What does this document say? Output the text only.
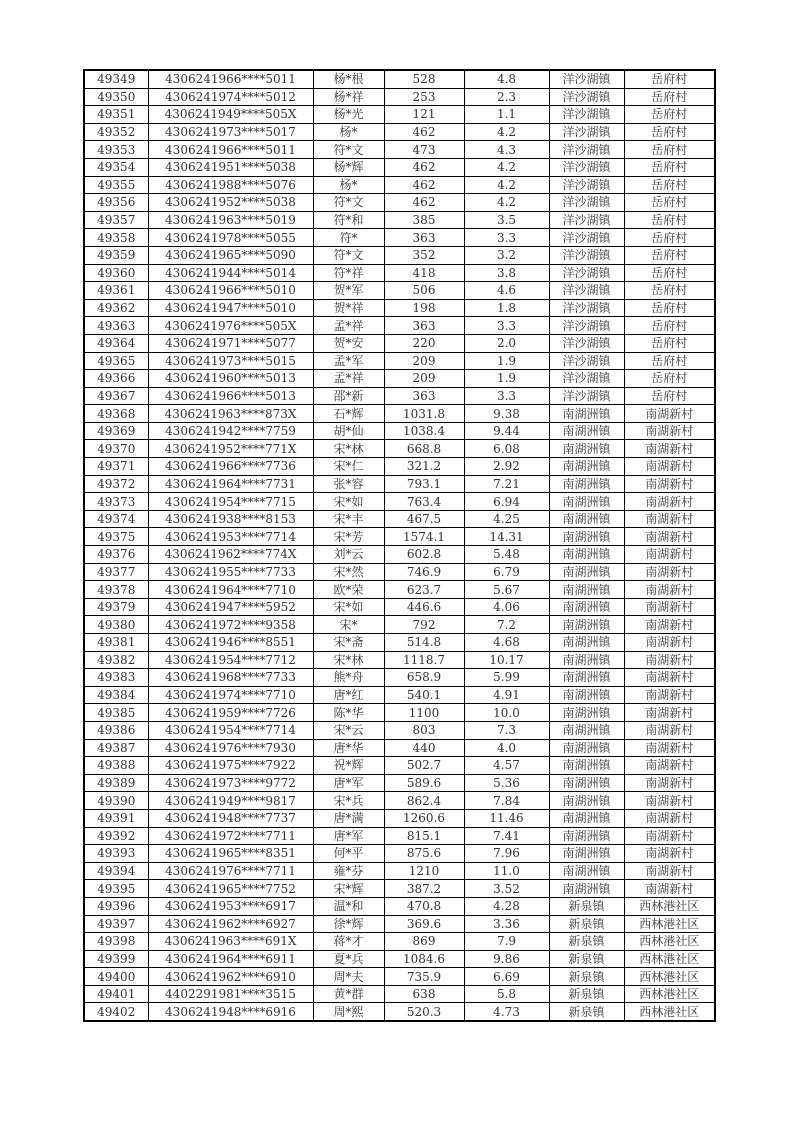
49349	4306241966****5011	杨*根	528	4.8	洋沙湖镇	岳府村
49350	4306241974****5012	杨*祥	253	2.3	洋沙湖镇	岳府村
49351	4306241949****505X	杨*光	121	1.1	洋沙湖镇	岳府村
49352	4306241973****5017	杨*	462	4.2	洋沙湖镇	岳府村
49353	4306241966****5011	符*文	473	4.3	洋沙湖镇	岳府村
49354	4306241951****5038	杨*辉	462	4.2	洋沙湖镇	岳府村
49355	4306241988****5076	杨*	462	4.2	洋沙湖镇	岳府村
49356	4306241952****5038	符*文	462	4.2	洋沙湖镇	岳府村
49357	4306241963****5019	符*和	385	3.5	洋沙湖镇	岳府村
49358	4306241978****5055	符*	363	3.3	洋沙湖镇	岳府村
49359	4306241965****5090	符*文	352	3.2	洋沙湖镇	岳府村
49360	4306241944****5014	符*祥	418	3.8	洋沙湖镇	岳府村
49361	4306241966****5010	贺*军	506	4.6	洋沙湖镇	岳府村
49362	4306241947****5010	贺*祥	198	1.8	洋沙湖镇	岳府村
49363	4306241976****505X	孟*祥	363	3.3	洋沙湖镇	岳府村
49364	4306241971****5077	贺*安	220	2.0	洋沙湖镇	岳府村
49365	4306241973****5015	孟*军	209	1.9	洋沙湖镇	岳府村
49366	4306241960****5013	孟*祥	209	1.9	洋沙湖镇	岳府村
49367	4306241966****5013	邵*新	363	3.3	洋沙湖镇	岳府村
49368	4306241963****873X	石*辉	1031.8	9.38	南湖洲镇	南湖新村
49369	4306241942****7759	胡*仙	1038.4	9.44	南湖洲镇	南湖新村
49370	4306241952****771X	宋*林	668.8	6.08	南湖洲镇	南湖新村
49371	4306241966****7736	宋*仁	321.2	2.92	南湖洲镇	南湖新村
49372	4306241964****7731	张*容	793.1	7.21	南湖洲镇	南湖新村
49373	4306241954****7715	宋*如	763.4	6.94	南湖洲镇	南湖新村
49374	4306241938****8153	宋*丰	467.5	4.25	南湖洲镇	南湖新村
49375	4306241953****7714	宋*芳	1574.1	14.31	南湖洲镇	南湖新村
49376	4306241962****774X	刘*云	602.8	5.48	南湖洲镇	南湖新村
49377	4306241955****7733	宋*然	746.9	6.79	南湖洲镇	南湖新村
49378	4306241964****7710	欧*荣	623.7	5.67	南湖洲镇	南湖新村
49379	4306241947****5952	宋*如	446.6	4.06	南湖洲镇	南湖新村
49380	4306241972****9358	宋*	792	7.2	南湖洲镇	南湖新村
49381	4306241946****8551	宋*斋	514.8	4.68	南湖洲镇	南湖新村
49382	4306241954****7712	宋*林	1118.7	10.17	南湖洲镇	南湖新村
49383	4306241968****7733	熊*舟	658.9	5.99	南湖洲镇	南湖新村
49384	4306241974****7710	唐*红	540.1	4.91	南湖洲镇	南湖新村
49385	4306241959****7726	陈*华	1100	10.0	南湖洲镇	南湖新村
49386	4306241954****7714	宋*云	803	7.3	南湖洲镇	南湖新村
49387	4306241976****7930	唐*华	440	4.0	南湖洲镇	南湖新村
49388	4306241975****7922	祝*辉	502.7	4.57	南湖洲镇	南湖新村
49389	4306241973****9772	唐*军	589.6	5.36	南湖洲镇	南湖新村
49390	4306241949****9817	宋*兵	862.4	7.84	南湖洲镇	南湖新村
49391	4306241948****7737	唐*满	1260.6	11.46	南湖洲镇	南湖新村
49392	4306241972****7711	唐*军	815.1	7.41	南湖洲镇	南湖新村
49393	4306241965****8351	何*平	875.6	7.96	南湖洲镇	南湖新村
49394	4306241976****7711	雍*芬	1210	11.0	南湖洲镇	南湖新村
49395	4306241965****7752	宋*辉	387.2	3.52	南湖洲镇	南湖新村
49396	4306241953****6917	温*和	470.8	4.28	新泉镇	西林港社区
49397	4306241962****6927	徐*辉	369.6	3.36	新泉镇	西林港社区
49398	4306241963****691X	蒋*才	869	7.9	新泉镇	西林港社区
49399	4306241964****6911	夏*兵	1084.6	9.86	新泉镇	西林港社区
49400	4306241962****6910	周*夫	735.9	6.69	新泉镇	西林港社区
49401	4402291981****3515	黄*群	638	5.8	新泉镇	西林港社区
49402	4306241948****6916	周*熙	520.3	4.73	新泉镇	西林港社区
